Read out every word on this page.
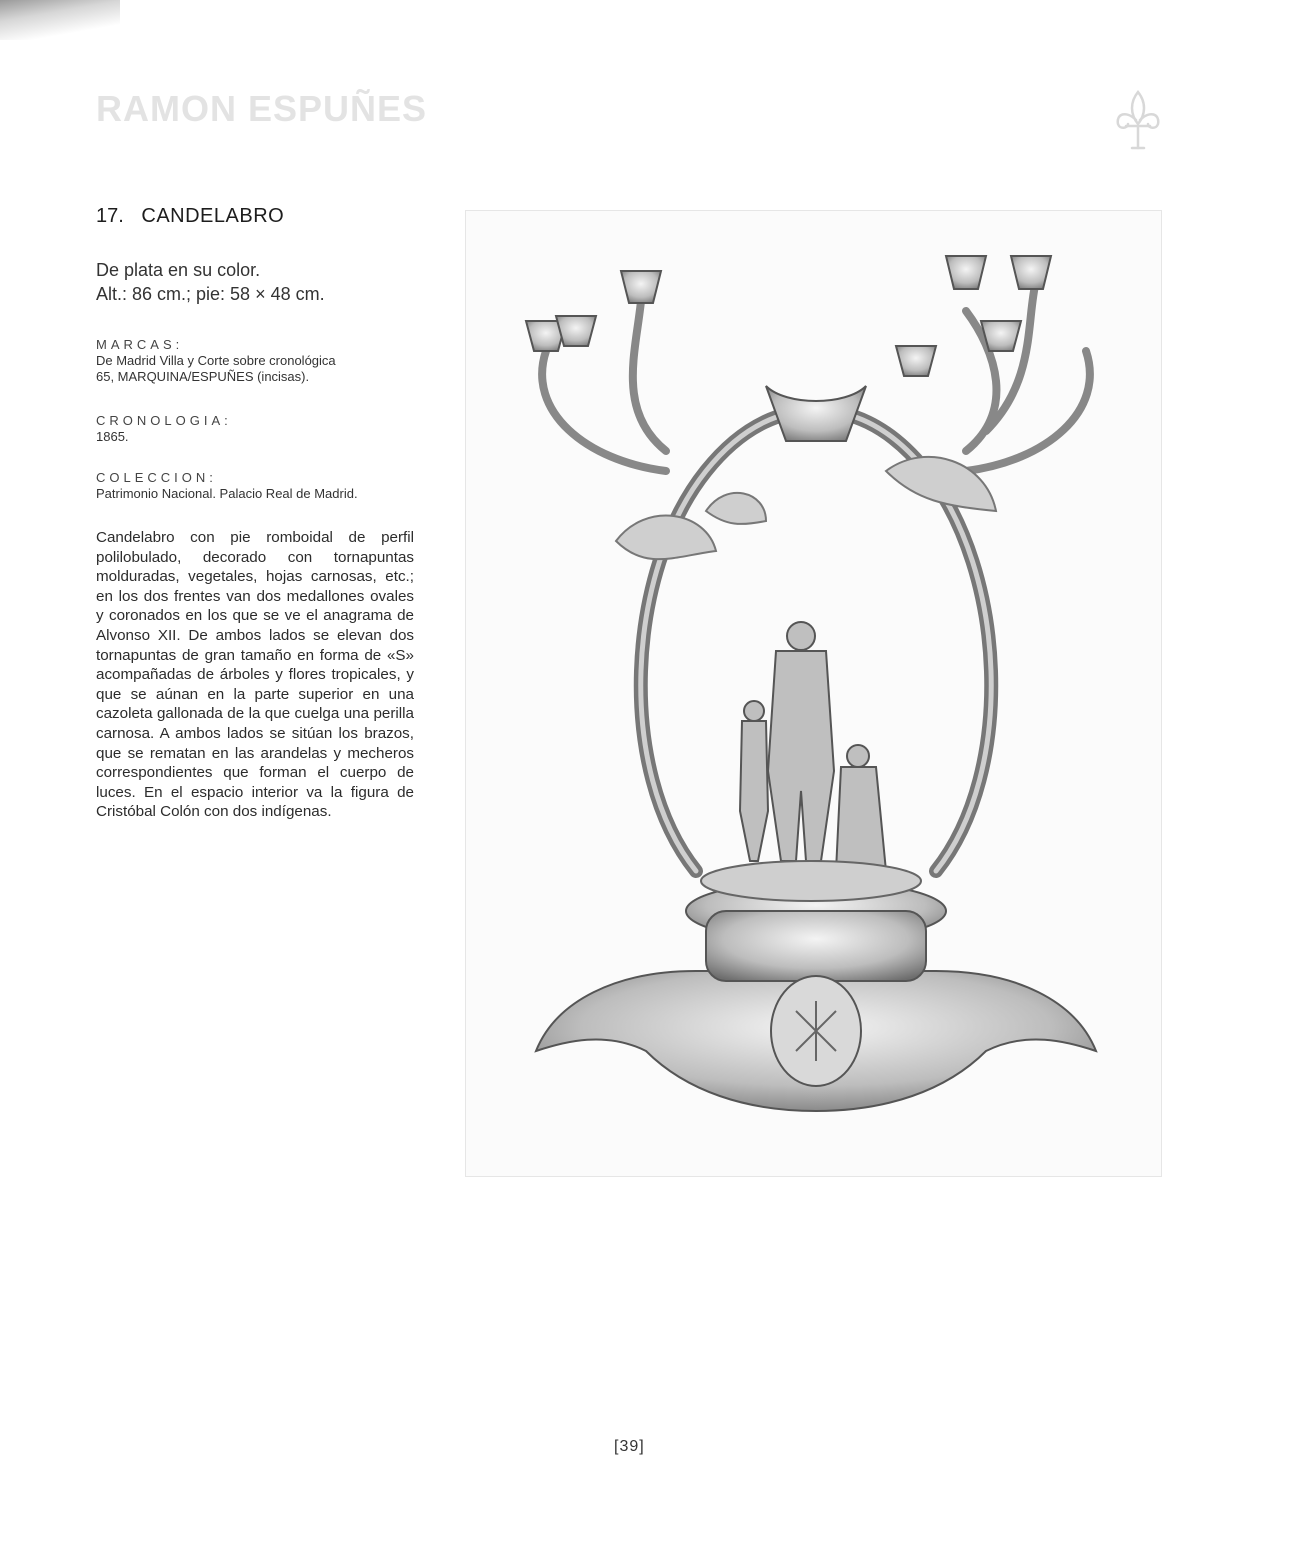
RAMON ESPUÑES
17. CANDELABRO
De plata en su color.
Alt.: 86 cm.; pie: 58 × 48 cm.
MARCAS:
De Madrid Villa y Corte sobre cronológica
65, MARQUINA/ESPUÑES (incisas).
CRONOLOGIA:
1865.
COLECCION:
Patrimonio Nacional. Palacio Real de Madrid.

Candelabro con pie romboidal de perfil polilobulado, decorado con tornapuntas molduradas, vegetales, hojas carnosas, etc.; en los dos frentes van dos medallones ovales y coronados en los que se ve el anagrama de Alvonso XII. De ambos lados se elevan dos tornapuntas de gran tamaño en forma de «S» acompañadas de árboles y flores tropicales, y que se aúnan en la parte superior en una cazoleta gallonada de la que cuelga una perilla carnosa. A ambos lados se sitúan los brazos, que se rematan en las arandelas y mecheros correspondientes que forman el cuerpo de luces. En el espacio interior va la figura de Cristóbal Colón con dos indígenas.

[39]
